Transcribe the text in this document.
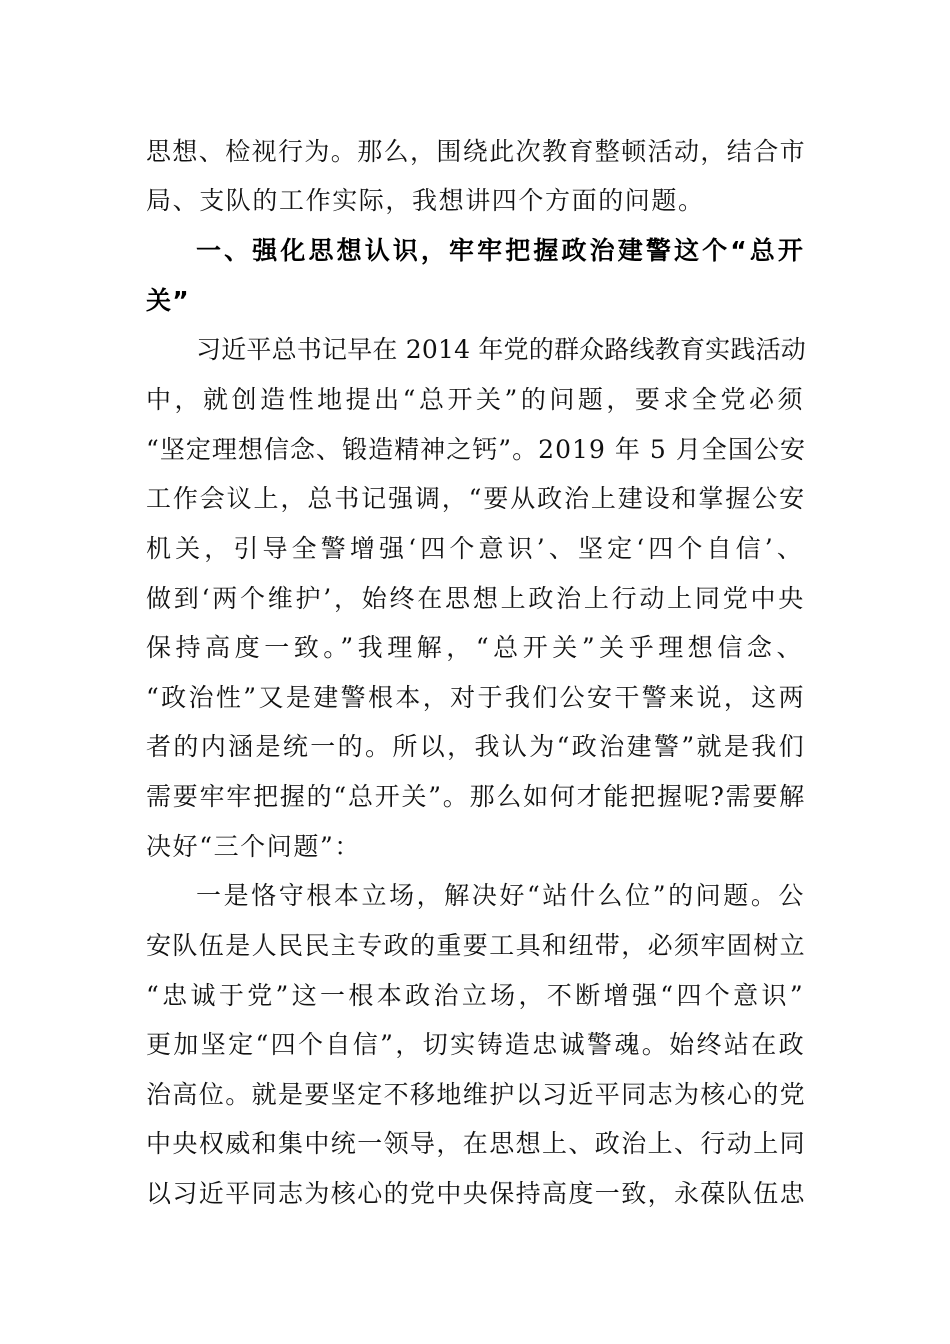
思想、检视行为。那么，围绕此次教育整顿活动，结合市
局、支队的工作实际，我想讲四个方面的问题。
一、强化思想认识，牢牢把握政治建警这个“总开
关”
习近平总书记早在 2014 年党的群众路线教育实践活动
中，就创造性地提出“总开关”的问题，要求全党必须
“坚定理想信念、锻造精神之钙”。2019 年 5 月全国公安
工作会议上，总书记强调，“要从政治上建设和掌握公安
机关，引导全警增强‘四个意识’、坚定‘四个自信’、
做到‘两个维护’，始终在思想上政治上行动上同党中央
保持高度一致。”我理解，“总开关”关乎理想信念、
“政治性”又是建警根本，对于我们公安干警来说，这两
者的内涵是统一的。所以，我认为“政治建警”就是我们
需要牢牢把握的“总开关”。那么如何才能把握呢?需要解
决好“三个问题”：
一是恪守根本立场，解决好“站什么位”的问题。公
安队伍是人民民主专政的重要工具和纽带，必须牢固树立
“忠诚于党”这一根本政治立场，不断增强“四个意识”
更加坚定“四个自信”，切实铸造忠诚警魂。始终站在政
治高位。就是要坚定不移地维护以习近平同志为核心的党
中央权威和集中统一领导，在思想上、政治上、行动上同
以习近平同志为核心的党中央保持高度一致，永葆队伍忠
